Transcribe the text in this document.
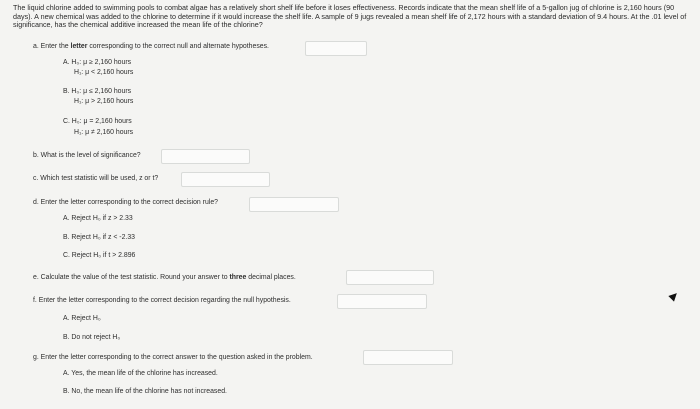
The liquid chlorine added to swimming pools to combat algae has a relatively short shelf life before it loses effectiveness. Records indicate that the mean shelf life of a 5-gallon jug of chlorine is 2,160 hours (90 days). A new chemical was added to the chlorine to determine if it would increase the shelf life. A sample of 9 jugs revealed a mean shelf life of 2,172 hours with a standard deviation of 9.4 hours. At the .01 level of significance, has the chemical additive increased the mean life of the chlorine?
a. Enter the letter corresponding to the correct null and alternate hypotheses.
A. H₀: μ ≥ 2,160 hours
H₁: μ < 2,160 hours
B. H₀: μ ≤ 2,160 hours
H₁: μ > 2,160 hours
C. H₀: μ = 2,160 hours
H₁: μ ≠ 2,160 hours
b. What is the level of significance?
c. Which test statistic will be used, z or t?
d. Enter the letter corresponding to the correct decision rule?
A. Reject H₀ if z > 2.33
B. Reject H₀ if z < -2.33
C. Reject H₀ if t > 2.896
e. Calculate the value of the test statistic. Round your answer to three decimal places.
f. Enter the letter corresponding to the correct decision regarding the null hypothesis.
A. Reject H₀
B. Do not reject H₀
g. Enter the letter corresponding to the correct answer to the question asked in the problem.
A. Yes, the mean life of the chlorine has increased.
B. No, the mean life of the chlorine has not increased.
